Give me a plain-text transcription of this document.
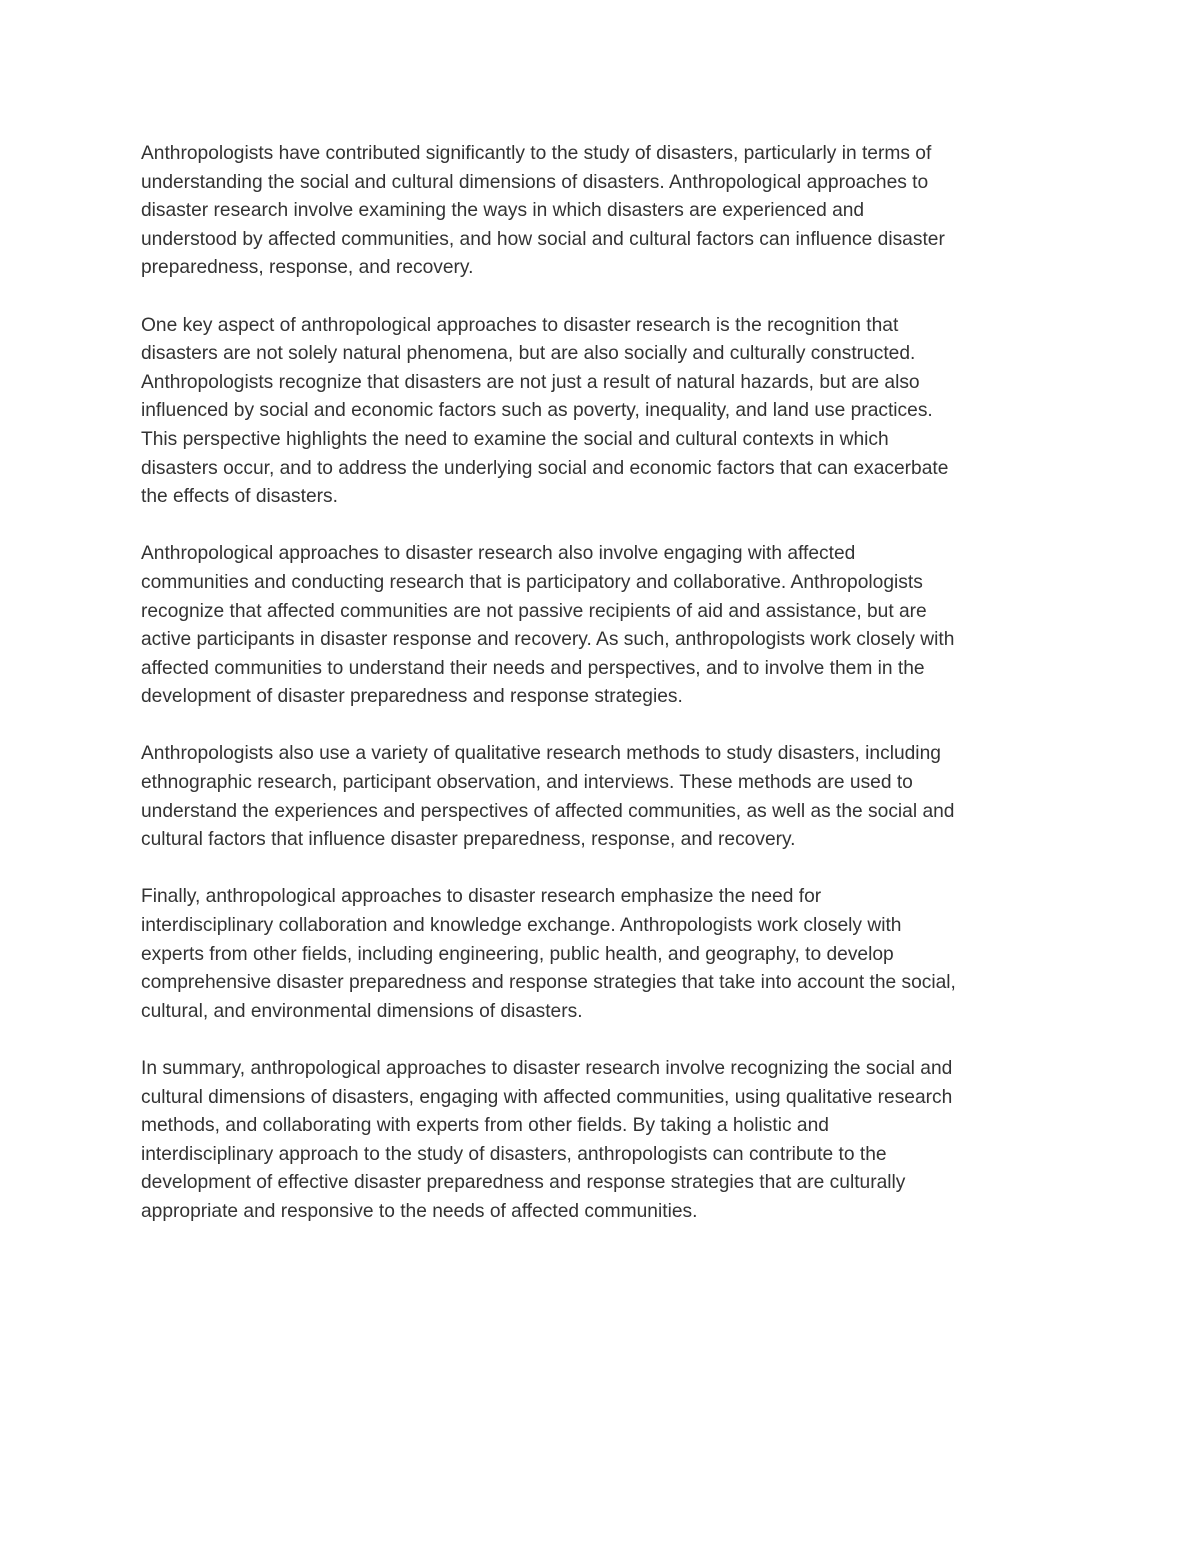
Anthropologists have contributed significantly to the study of disasters, particularly in terms of
understanding the social and cultural dimensions of disasters. Anthropological approaches to
disaster research involve examining the ways in which disasters are experienced and
understood by affected communities, and how social and cultural factors can influence disaster
preparedness, response, and recovery.

One key aspect of anthropological approaches to disaster research is the recognition that
disasters are not solely natural phenomena, but are also socially and culturally constructed.
Anthropologists recognize that disasters are not just a result of natural hazards, but are also
influenced by social and economic factors such as poverty, inequality, and land use practices.
This perspective highlights the need to examine the social and cultural contexts in which
disasters occur, and to address the underlying social and economic factors that can exacerbate
the effects of disasters.

Anthropological approaches to disaster research also involve engaging with affected
communities and conducting research that is participatory and collaborative. Anthropologists
recognize that affected communities are not passive recipients of aid and assistance, but are
active participants in disaster response and recovery. As such, anthropologists work closely with
affected communities to understand their needs and perspectives, and to involve them in the
development of disaster preparedness and response strategies.

Anthropologists also use a variety of qualitative research methods to study disasters, including
ethnographic research, participant observation, and interviews. These methods are used to
understand the experiences and perspectives of affected communities, as well as the social and
cultural factors that influence disaster preparedness, response, and recovery.

Finally, anthropological approaches to disaster research emphasize the need for
interdisciplinary collaboration and knowledge exchange. Anthropologists work closely with
experts from other fields, including engineering, public health, and geography, to develop
comprehensive disaster preparedness and response strategies that take into account the social,
cultural, and environmental dimensions of disasters.

In summary, anthropological approaches to disaster research involve recognizing the social and
cultural dimensions of disasters, engaging with affected communities, using qualitative research
methods, and collaborating with experts from other fields. By taking a holistic and
interdisciplinary approach to the study of disasters, anthropologists can contribute to the
development of effective disaster preparedness and response strategies that are culturally
appropriate and responsive to the needs of affected communities.
